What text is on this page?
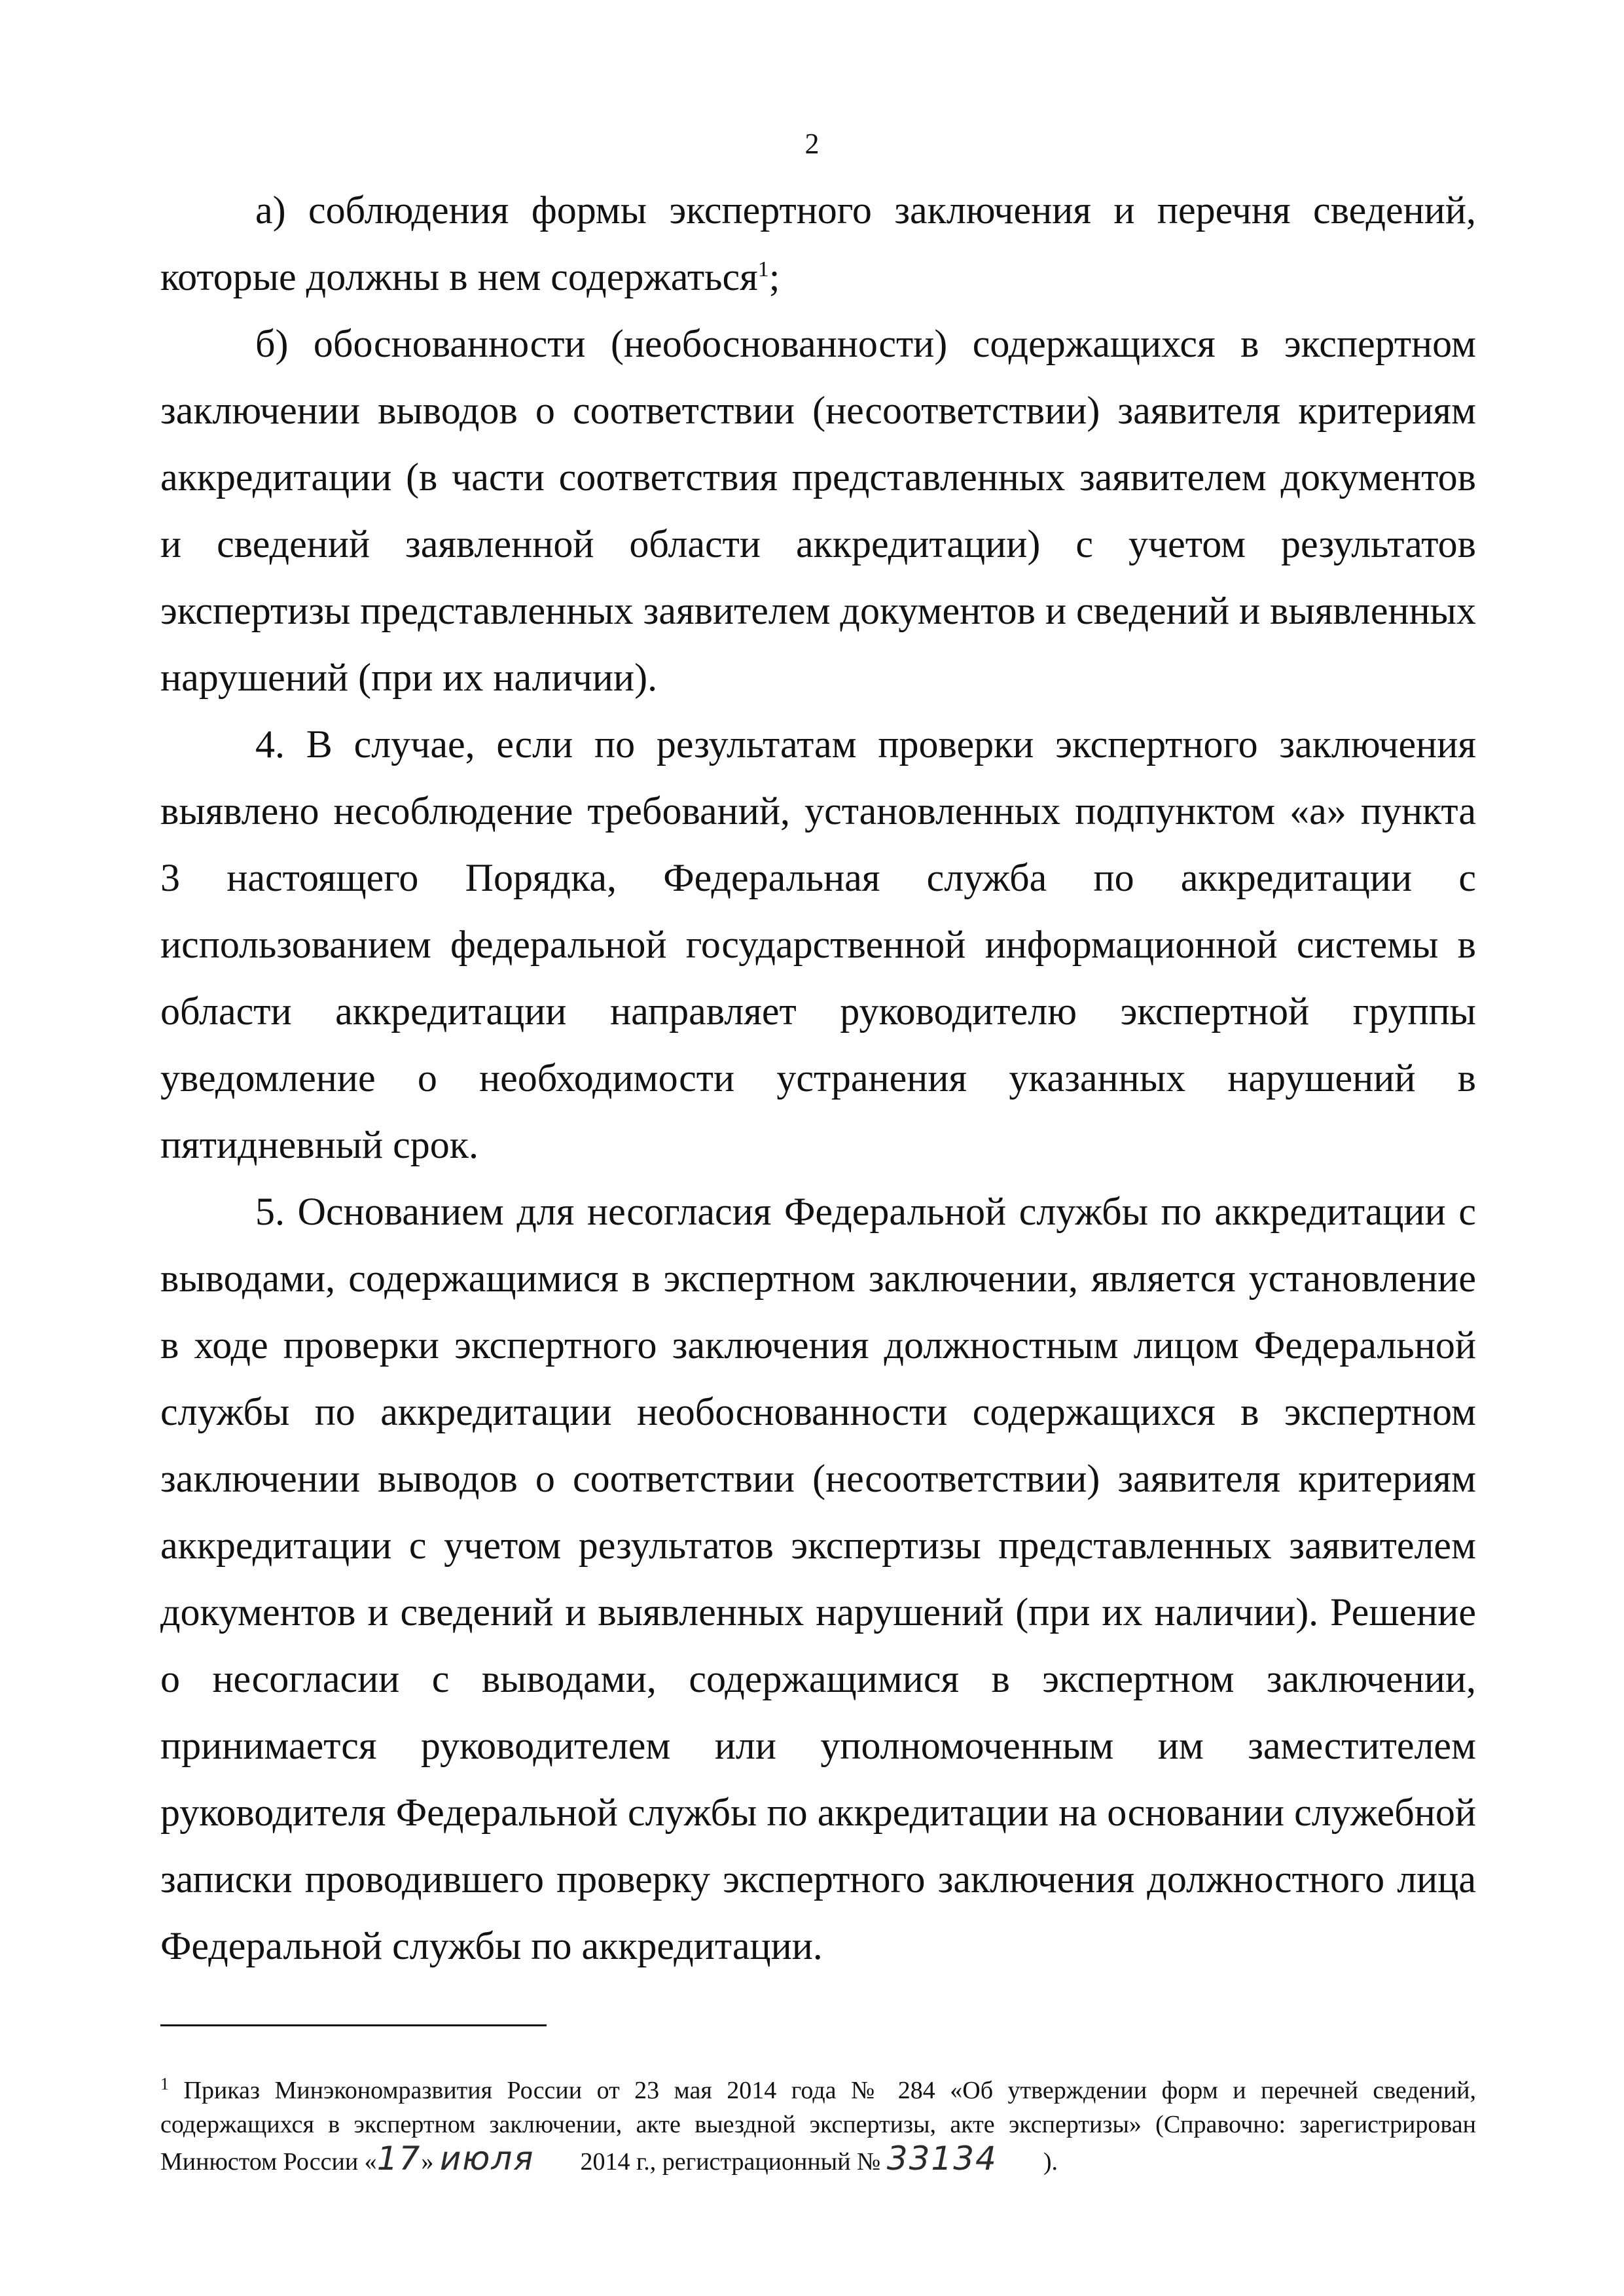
2

а) соблюдения формы экспертного заключения и перечня сведений, которые должны в нем содержаться$^1$;

б) обоснованности (необоснованности) содержащихся в экспертном заключении выводов о соответствии (несоответствии) заявителя критериям аккредитации (в части соответствия представленных заявителем документов и сведений заявленной области аккредитации) с учетом результатов экспертизы представленных заявителем документов и сведений и выявленных нарушений (при их наличии).

4. В случае, если по результатам проверки экспертного заключения выявлено несоблюдение требований, установленных подпунктом «а» пункта 3 настоящего Порядка, Федеральная служба по аккредитации с использованием федеральной государственной информационной системы в области аккредитации направляет руководителю экспертной группы уведомление о необходимости устранения указанных нарушений в пятидневный срок.

5. Основанием для несогласия Федеральной службы по аккредитации с выводами, содержащимися в экспертном заключении, является установление в ходе проверки экспертного заключения должностным лицом Федеральной службы по аккредитации необоснованности содержащихся в экспертном заключении выводов о соответствии (несоответствии) заявителя критериям аккредитации с учетом результатов экспертизы представленных заявителем документов и сведений и выявленных нарушений (при их наличии). Решение о несогласии с выводами, содержащимися в экспертном заключении, принимается руководителем или уполномоченным им заместителем руководителя Федеральной службы по аккредитации на основании служебной записки проводившего проверку экспертного заключения должностного лица Федеральной службы по аккредитации.

$^1$ Приказ Минэкономразвития России от 23 мая 2014 года № 284 «Об утверждении форм и перечней сведений, содержащихся в экспертном заключении, акте выездной экспертизы, акте экспертизы» (Справочно: зарегистрирован Минюстом России «17» июля 2014 г., регистрационный № 33134 ).
